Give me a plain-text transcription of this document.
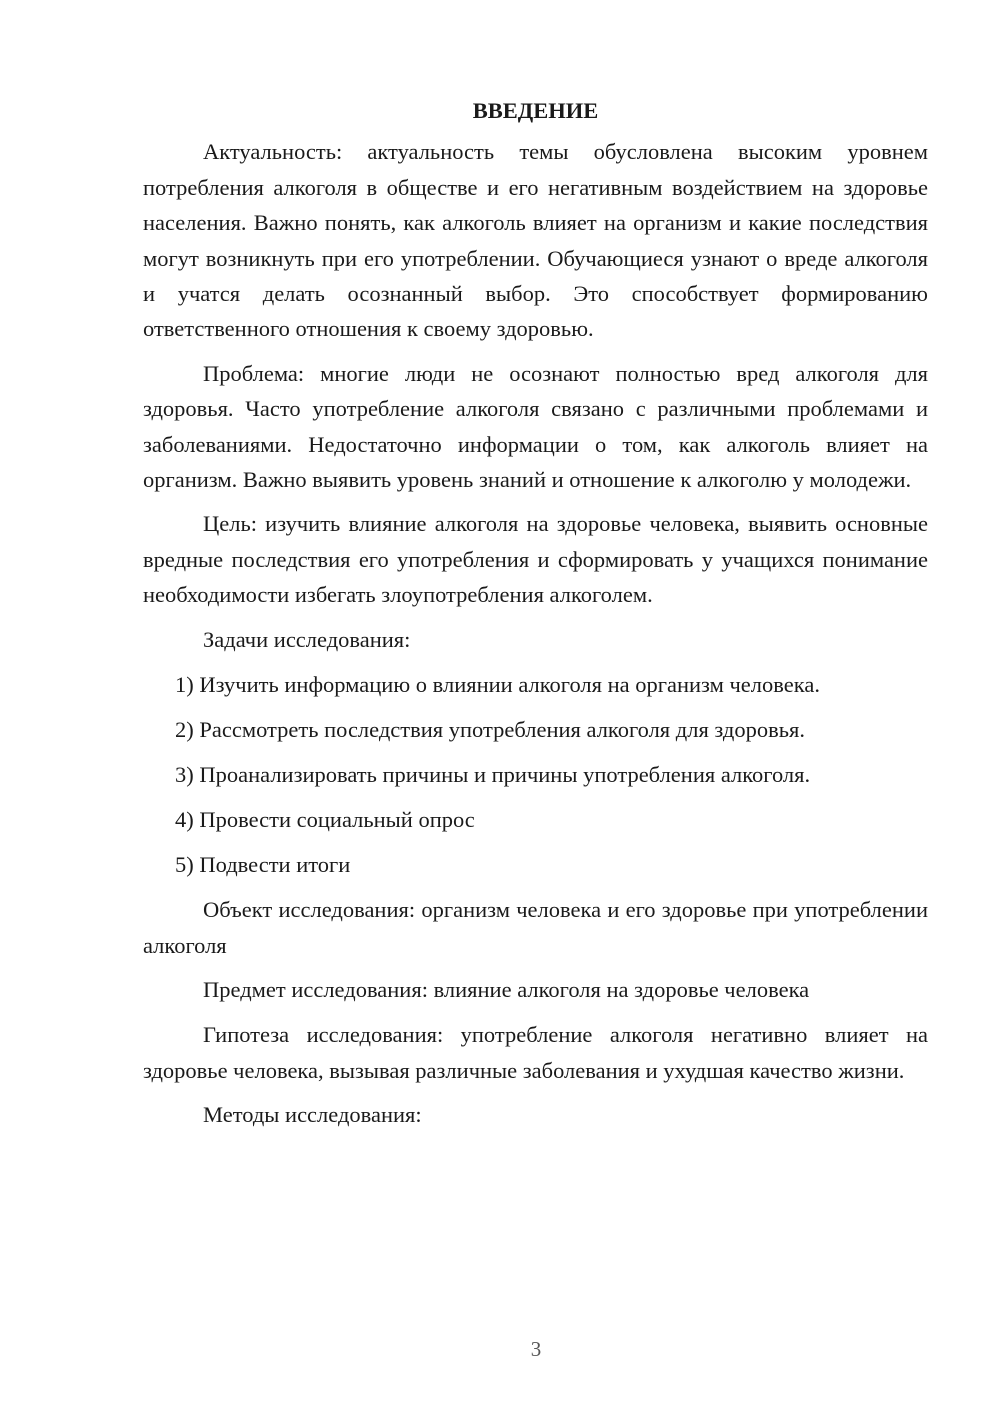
ВВЕДЕНИЕ

Актуальность: актуальность темы обусловлена высоким уровнем потребления алкоголя в обществе и его негативным воздействием на здоровье населения. Важно понять, как алкоголь влияет на организм и какие последствия могут возникнуть при его употреблении. Обучающиеся узнают о вреде алкоголя и учатся делать осознанный выбор. Это способствует формированию ответственного отношения к своему здоровью.

Проблема: многие люди не осознают полностью вред алкоголя для здоровья. Часто употребление алкоголя связано с различными проблемами и заболеваниями. Недостаточно информации о том, как алкоголь влияет на организм. Важно выявить уровень знаний и отношение к алкоголю у молодежи.

Цель: изучить влияние алкоголя на здоровье человека, выявить основные вредные последствия его употребления и сформировать у учащихся понимание необходимости избегать злоупотребления алкоголем.

Задачи исследования:

1) Изучить информацию о влиянии алкоголя на организм человека.

2) Рассмотреть последствия употребления алкоголя для здоровья.

3) Проанализировать причины и причины употребления алкоголя.

4) Провести социальный опрос

5) Подвести итоги

Объект исследования: организм человека и его здоровье при употреблении алкоголя

Предмет исследования: влияние алкоголя на здоровье человека

Гипотеза исследования: употребление алкоголя негативно влияет на здоровье человека, вызывая различные заболевания и ухудшая качество жизни.

Методы исследования:

3
